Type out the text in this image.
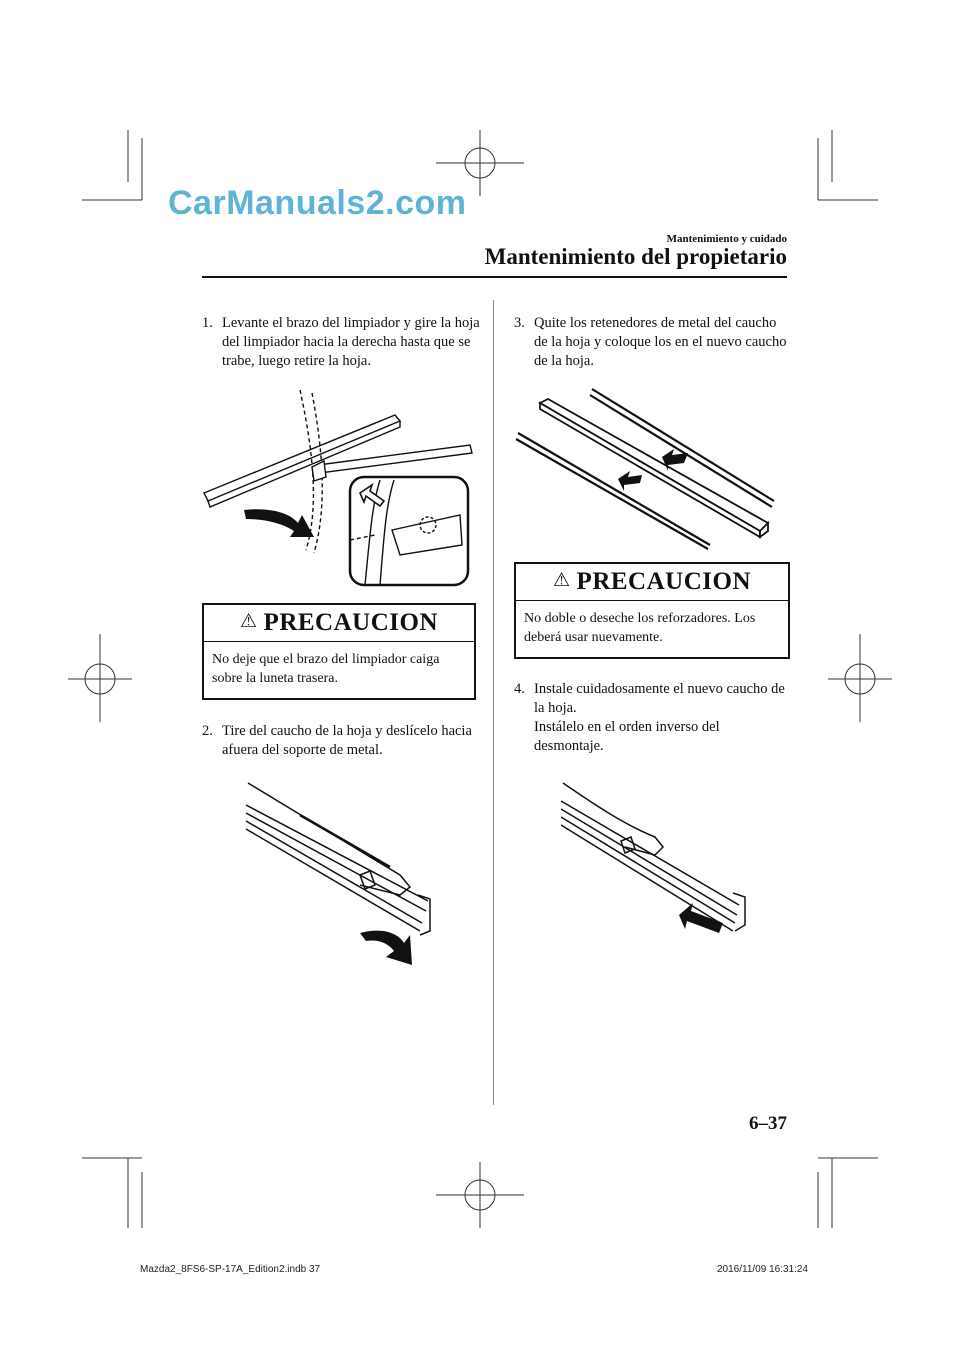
CarManuals2.com
Mantenimiento y cuidado
Mantenimiento del propietario
1. Levante el brazo del limpiador y gire la hoja del limpiador hacia la derecha hasta que se trabe, luego retire la hoja.
⚠ PRECAUCION
No deje que el brazo del limpiador caiga sobre la luneta trasera.
2. Tire del caucho de la hoja y deslícelo hacia afuera del soporte de metal.
3. Quite los retenedores de metal del caucho de la hoja y coloque los en el nuevo caucho de la hoja.
⚠ PRECAUCION
No doble o deseche los reforzadores. Los deberá usar nuevamente.
4. Instale cuidadosamente el nuevo caucho de la hoja.
Instálelo en el orden inverso del desmontaje.
6–37
Mazda2_8FS6-SP-17A_Edition2.indb 37	2016/11/09 16:31:24
